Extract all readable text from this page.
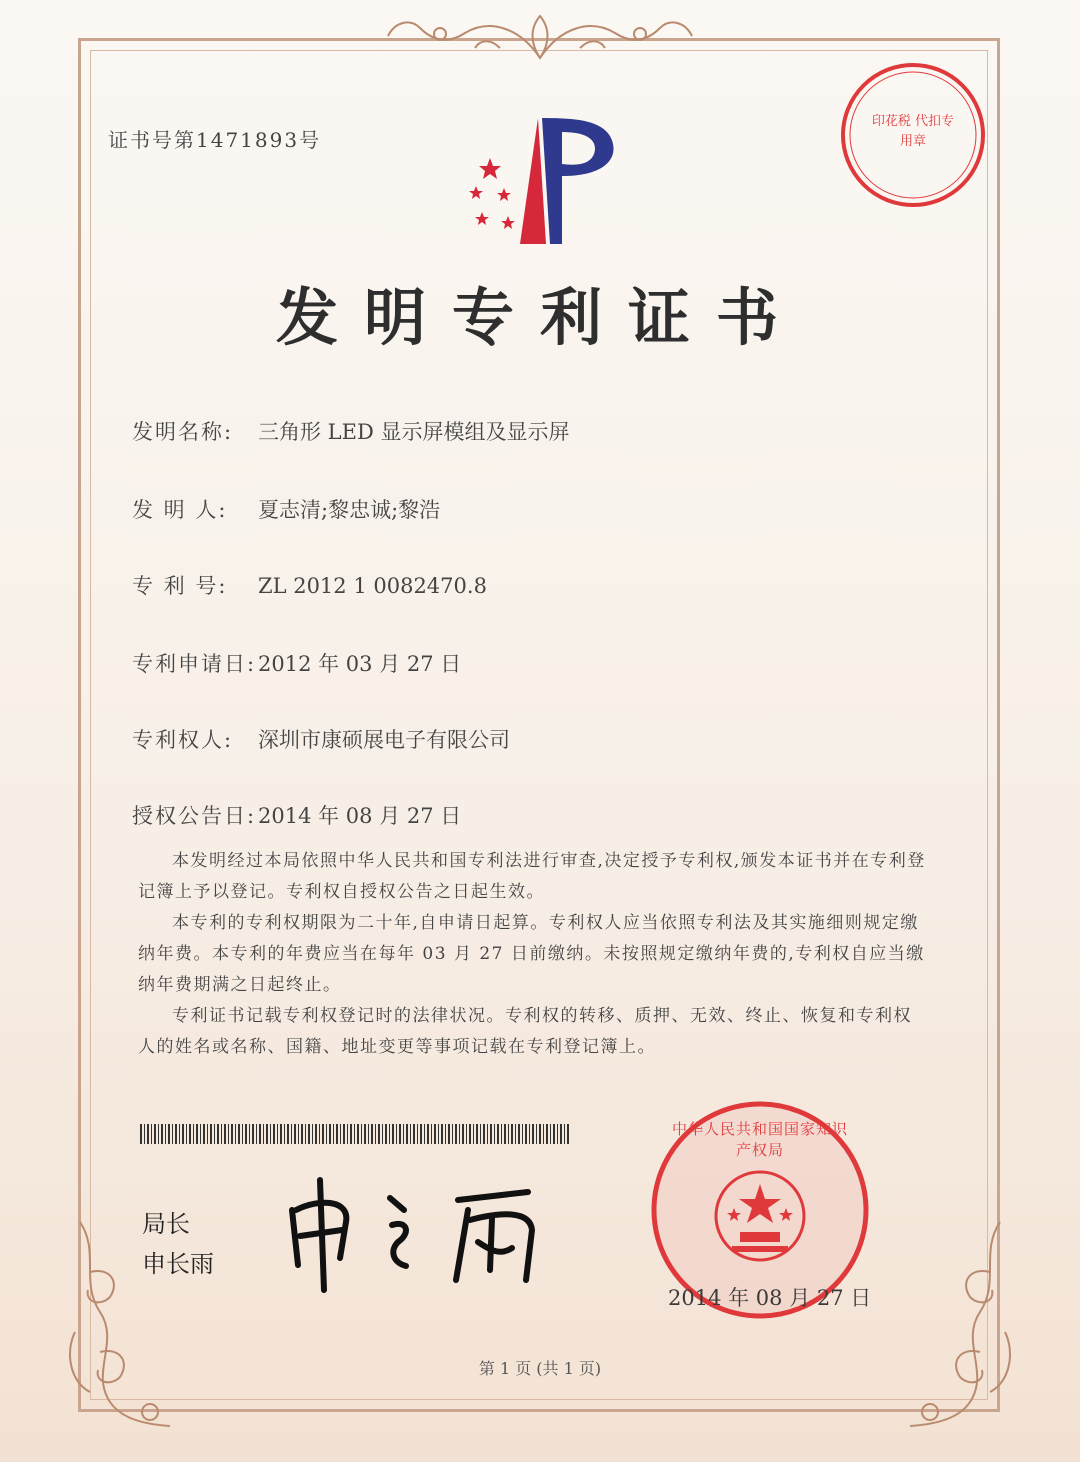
证书号第1471893号
印花税 代扣专用章
发明专利证书
发明名称: 三角形 LED 显示屏模组及显示屏
发 明 人: 夏志清;黎忠诚;黎浩
专 利 号: ZL 2012 1 0082470.8
专利申请日:2012 年 03 月 27 日
专利权人: 深圳市康硕展电子有限公司
授权公告日:2014 年 08 月 27 日

本发明经过本局依照中华人民共和国专利法进行审查,决定授予专利权,颁发本证书并在专利登记簿上予以登记。专利权自授权公告之日起生效。

本专利的专利权期限为二十年,自申请日起算。专利权人应当依照专利法及其实施细则规定缴纳年费。本专利的年费应当在每年 03 月 27 日前缴纳。未按照规定缴纳年费的,专利权自应当缴纳年费期满之日起终止。

专利证书记载专利权登记时的法律状况。专利权的转移、质押、无效、终止、恢复和专利权人的姓名或名称、国籍、地址变更等事项记载在专利登记簿上。

局长
申长雨
中华人民共和国国家知识产权局
2014 年 08 月 27 日
第 1 页 (共 1 页)
